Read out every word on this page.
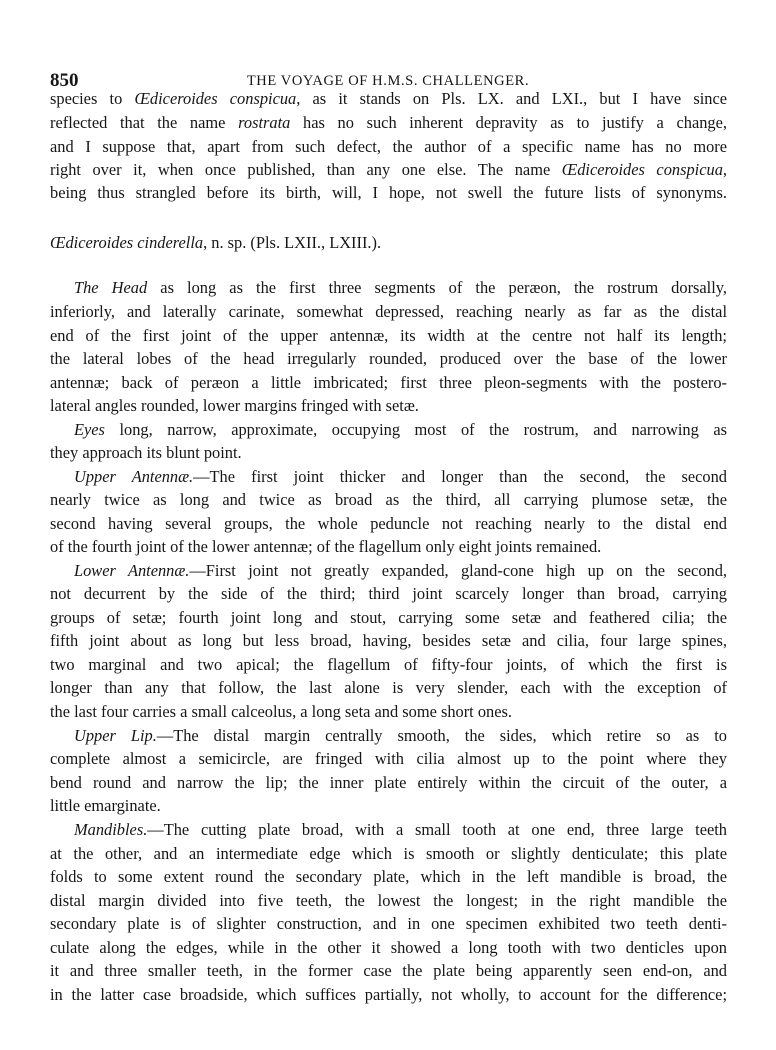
850	THE VOYAGE OF H.M.S. CHALLENGER.
species to Œdiceroides conspicua, as it stands on Pls. LX. and LXI., but I have since
reflected that the name rostrata has no such inherent depravity as to justify a change,
and I suppose that, apart from such defect, the author of a specific name has no more
right over it, when once published, than any one else. The name Œdiceroides conspicua,
being thus strangled before its birth, will, I hope, not swell the future lists of synonyms.
Œdiceroides cinderella, n. sp. (Pls. LXII., LXIII.).
The Head as long as the first three segments of the peræon, the rostrum dorsally,
inferiorly, and laterally carinate, somewhat depressed, reaching nearly as far as the distal
end of the first joint of the upper antennæ, its width at the centre not half its length;
the lateral lobes of the head irregularly rounded, produced over the base of the lower
antennæ; back of peræon a little imbricated; first three pleon-segments with the postero-
lateral angles rounded, lower margins fringed with setæ.
Eyes long, narrow, approximate, occupying most of the rostrum, and narrowing as
they approach its blunt point.
Upper Antennæ.—The first joint thicker and longer than the second, the second
nearly twice as long and twice as broad as the third, all carrying plumose setæ, the
second having several groups, the whole peduncle not reaching nearly to the distal end
of the fourth joint of the lower antennæ; of the flagellum only eight joints remained.
Lower Antennæ.—First joint not greatly expanded, gland-cone high up on the second,
not decurrent by the side of the third; third joint scarcely longer than broad, carrying
groups of setæ; fourth joint long and stout, carrying some setæ and feathered cilia; the
fifth joint about as long but less broad, having, besides setæ and cilia, four large spines,
two marginal and two apical; the flagellum of fifty-four joints, of which the first is
longer than any that follow, the last alone is very slender, each with the exception of
the last four carries a small calceolus, a long seta and some short ones.
Upper Lip.—The distal margin centrally smooth, the sides, which retire so as to
complete almost a semicircle, are fringed with cilia almost up to the point where they
bend round and narrow the lip; the inner plate entirely within the circuit of the outer, a
little emarginate.
Mandibles.—The cutting plate broad, with a small tooth at one end, three large teeth
at the other, and an intermediate edge which is smooth or slightly denticulate; this plate
folds to some extent round the secondary plate, which in the left mandible is broad, the
distal margin divided into five teeth, the lowest the longest; in the right mandible the
secondary plate is of slighter construction, and in one specimen exhibited two teeth denti-
culate along the edges, while in the other it showed a long tooth with two denticles upon
it and three smaller teeth, in the former case the plate being apparently seen end-on, and
in the latter case broadside, which suffices partially, not wholly, to account for the difference;
